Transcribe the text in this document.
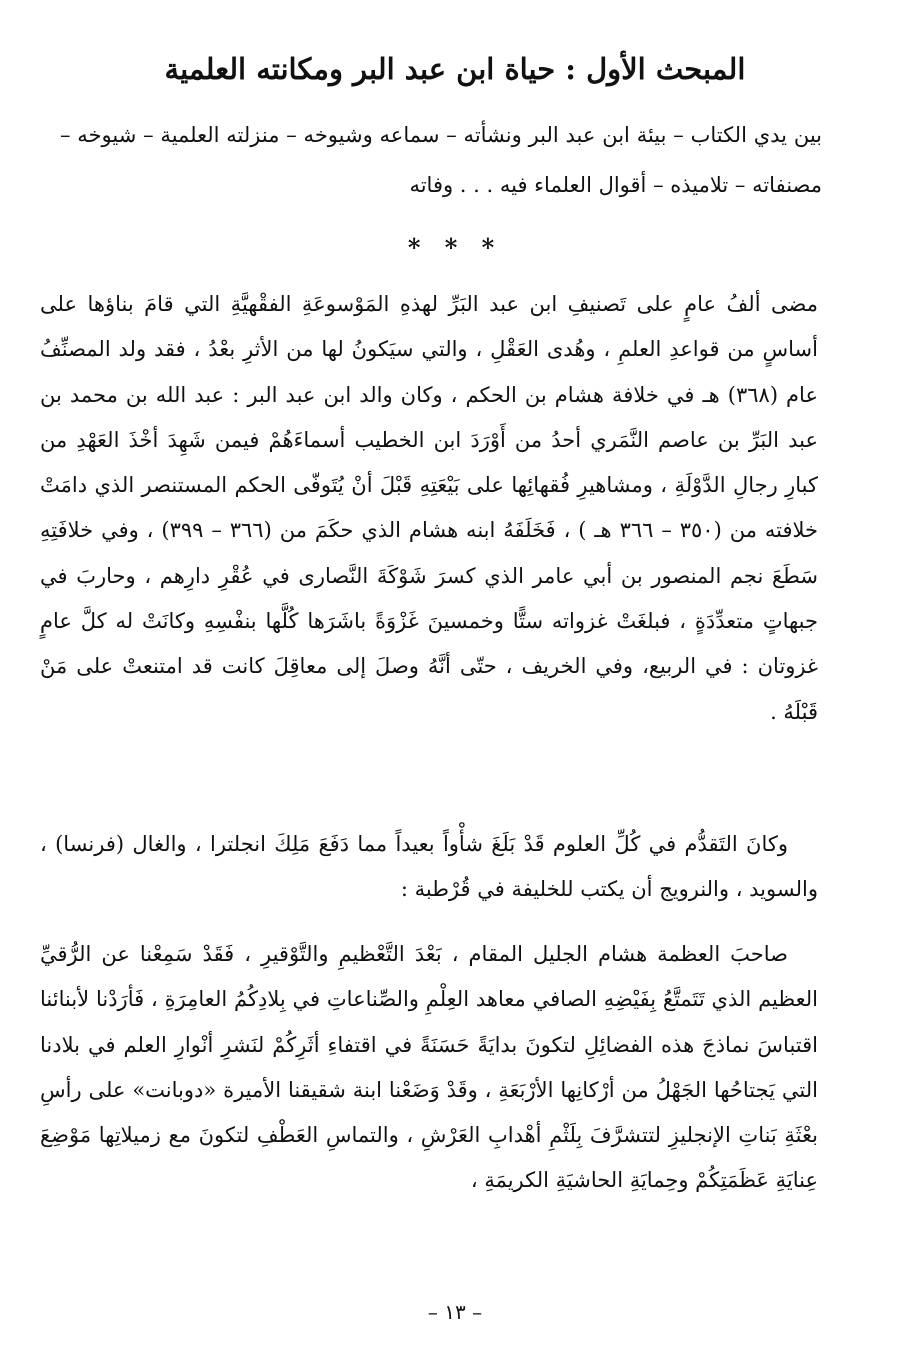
المبحث الأول : حياة ابن عبد البر ومكانته العلمية

بين يدي الكتاب – بيئة ابن عبد البر ونشأته – سماعه وشيوخه – منزلته العلمية – شيوخه – مصنفاته – تلاميذه – أقوال العلماء فيه . . . وفاته

* * *

مضى ألفُ عامٍ على تَصنيفِ ابن عبد البَرِّ لهذهِ المَوْسوعَةِ الفقْهيَّةِ التي قامَ بناؤها على أساسٍ من قواعدِ العلمِ ، وهُدى العَقْلِ ، والتي سيَكونُ لها من الأثرِ بعْدُ ، فقد ولد المصنِّفُ عام (٣٦٨) هـ في خلافة هشام بن الحكم ، وكان والد ابن عبد البر : عبد الله بن محمد بن عبد البَرِّ بن عاصم النَّمَري أحدُ من أَوْرَدَ ابن الخطيب أسماءَهُمْ فيمن شَهِدَ أخْذَ العَهْدِ من كبارِ رجالِ الدَّوْلَةِ ، ومشاهيرِ فُقهائِها على بَيْعَتِهِ قَبْلَ أنْ يُتَوفّى الحكم المستنصر الذي دامَتْ خلافته من (٣٥٠ – ٣٦٦ هـ ) ، فَخَلَفَهُ ابنه هشام الذي حكَمَ من (٣٦٦ – ٣٩٩) ، وفي خلافَتِهِ سَطَعَ نجم المنصور بن أبي عامر الذي كسرَ شَوْكَةَ النَّصارى في عُقْرِ دارِهم ، وحاربَ في جبهاتٍ متعدِّدَةٍ ، فبلغَتْ غزواته ستًّا وخمسينَ غَزْوَةً باشَرَها كُلَّها بنفْسِهِ وكانَتْ له كلَّ عامٍ غزوتان : في الربيع، وفي الخريف ، حتّى أنَّهُ وصلَ إلى معاقِلَ كانت قد امتنعتْ على مَنْ قَبْلَهُ .

وكانَ التَقدُّم في كُلِّ العلوم قَدْ بَلَغَ شأْواً بعيداً مما دَفَعَ مَلِكَ انجلترا ، والغال (فرنسا) ، والسويد ، والنرويج أن يكتب للخليفة في قُرْطبة :

صاحبَ العظمة هشام الجليل المقام ، بَعْدَ التَّعْظيمِ والتَّوْقيرِ ، فَقَدْ سَمِعْنا عن الرُّقيِّ العظيم الذي تَتَمتَّعُ بِفَيْضِهِ الصافي معاهد العِلْمِ والصِّناعاتِ في بِلادِكُمُ العامِرَةِ ، فَأرَدْنا لأبنائنا اقتباسَ نماذجَ هذه الفضائِلِ لتكونَ بدايَةً حَسَنَةً في اقتفاءِ أثَرِكُمْ لنَشرِ أنْوارِ العلم في بلادنا التي يَجتاحُها الجَهْلُ من أرْكانِها الأرْبَعَةِ ، وقَدْ وَضَعْنا ابنة شقيقنا الأميرة «دوبانت» على رأسِ بعْثَةِ بَناتِ الإنجليزِ لتتشرَّفَ بِلَثْمِ أهْدابِ العَرْشِ ، والتماسِ العَطْفِ لتكونَ مع زميلاتِها مَوْضِعَ عِنايَةِ عَظَمَتِكُمْ وحِمايَةِ الحاشيَةِ الكريمَةِ ،

– ١٣ –
